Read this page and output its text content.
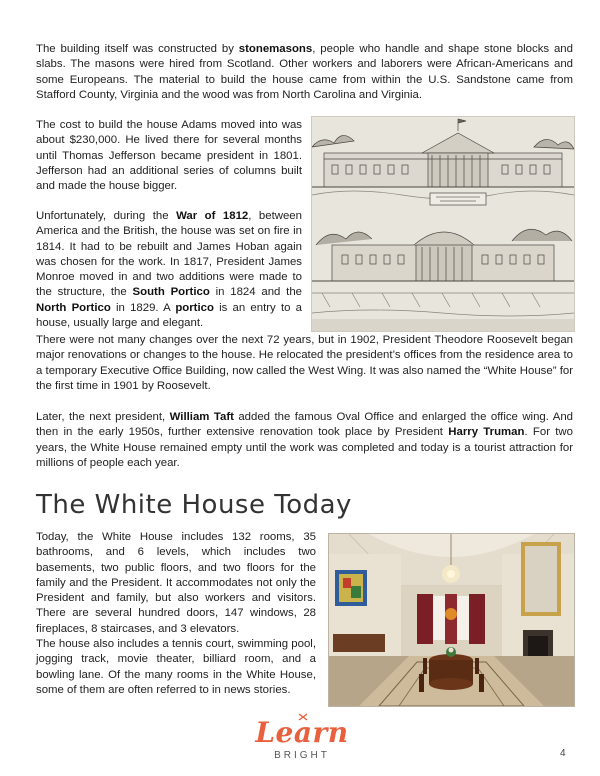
The building itself was constructed by stonemasons, people who handle and shape stone blocks and slabs. The masons were hired from Scotland. Other workers and laborers were African-Americans and some Europeans. The material to build the house came from within the U.S. Sandstone came from Stafford County, Virginia and the wood was from North Carolina and Virginia.

The cost to build the house Adams moved into was about $230,000. He lived there for several months until Thomas Jefferson became president in 1801. Jefferson had an additional series of columns built and made the house bigger.

Unfortunately, during the War of 1812, between America and the British, the house was set on fire in 1814. It had to be rebuilt and James Hoban again was chosen for the work. In 1817, President James Monroe moved in and two additions were made to the structure, the South Portico in 1824 and the North Portico in 1829. A portico is an entry to a house, usually large and elegant.

There were not many changes over the next 72 years, but in 1902, President Theodore Roosevelt began major renovations or changes to the house. He relocated the president’s offices from the residence area to a temporary Executive Office Building, now called the West Wing. It was also named the “White House” for the first time in 1901 by Roosevelt.

Later, the next president, William Taft added the famous Oval Office and enlarged the office wing. And then in the early 1950s, further extensive renovation took place by President Harry Truman. For two years, the White House remained empty until the work was completed and today is a tourist attraction for millions of people each year.

The White House Today

Today, the White House includes 132 rooms, 35 bathrooms, and 6 levels, which includes two basements, two public floors, and two floors for the family and the President. It accommodates not only the President and family, but also workers and visitors. There are several hundred doors, 147 windows, 28 fireplaces, 8 staircases, and 3 elevators.

The house also includes a tennis court, swimming pool, jogging track, movie theater, billiard room, and a bowling lane. Of the many rooms in the White House, some of them are often referred to in news stories.

Learn
BRIGHT	4
